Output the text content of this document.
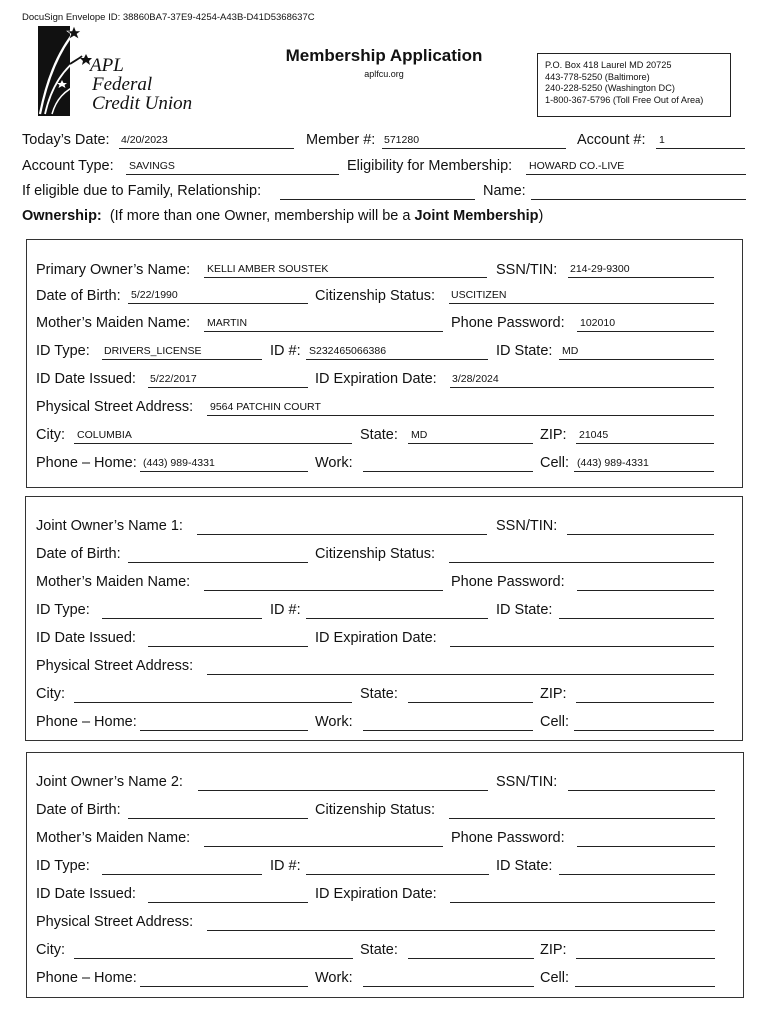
DocuSign Envelope ID: 38860BA7-37E9-4254-A43B-D41D5368637C
APL
Federal
Credit Union
Membership Application
aplfcu.org
P.O. Box 418 Laurel MD 20725
443-778-5250 (Baltimore)
240-228-5250 (Washington DC)
1-800-367-5796 (Toll Free Out of Area)
Today’s Date: 4/20/2023	Member #: 571280	Account #: 1
Account Type: SAVINGS	Eligibility for Membership: HOWARD CO.-LIVE
If eligible due to Family, Relationship:	Name:
Ownership: (If more than one Owner, membership will be a Joint Membership)
Primary Owner’s Name: KELLI AMBER SOUSTEK	SSN/TIN: 214-29-9300
Date of Birth: 5/22/1990	Citizenship Status: USCITIZEN
Mother’s Maiden Name: MARTIN	Phone Password: 102010
ID Type: DRIVERS_LICENSE	ID #: S232465066386	ID State: MD
ID Date Issued: 5/22/2017	ID Expiration Date: 3/28/2024
Physical Street Address: 9564 PATCHIN COURT
City: COLUMBIA	State: MD	ZIP: 21045
Phone – Home: (443) 989-4331	Work:	Cell: (443) 989-4331
Joint Owner’s Name 1:	SSN/TIN:
Date of Birth:	Citizenship Status:
Mother’s Maiden Name:	Phone Password:
ID Type:	ID #:	ID State:
ID Date Issued:	ID Expiration Date:
Physical Street Address:
City:	State:	ZIP:
Phone – Home:	Work:	Cell:
Joint Owner’s Name 2:	SSN/TIN:
Date of Birth:	Citizenship Status:
Mother’s Maiden Name:	Phone Password:
ID Type:	ID #:	ID State:
ID Date Issued:	ID Expiration Date:
Physical Street Address:
City:	State:	ZIP:
Phone – Home:	Work:	Cell:
